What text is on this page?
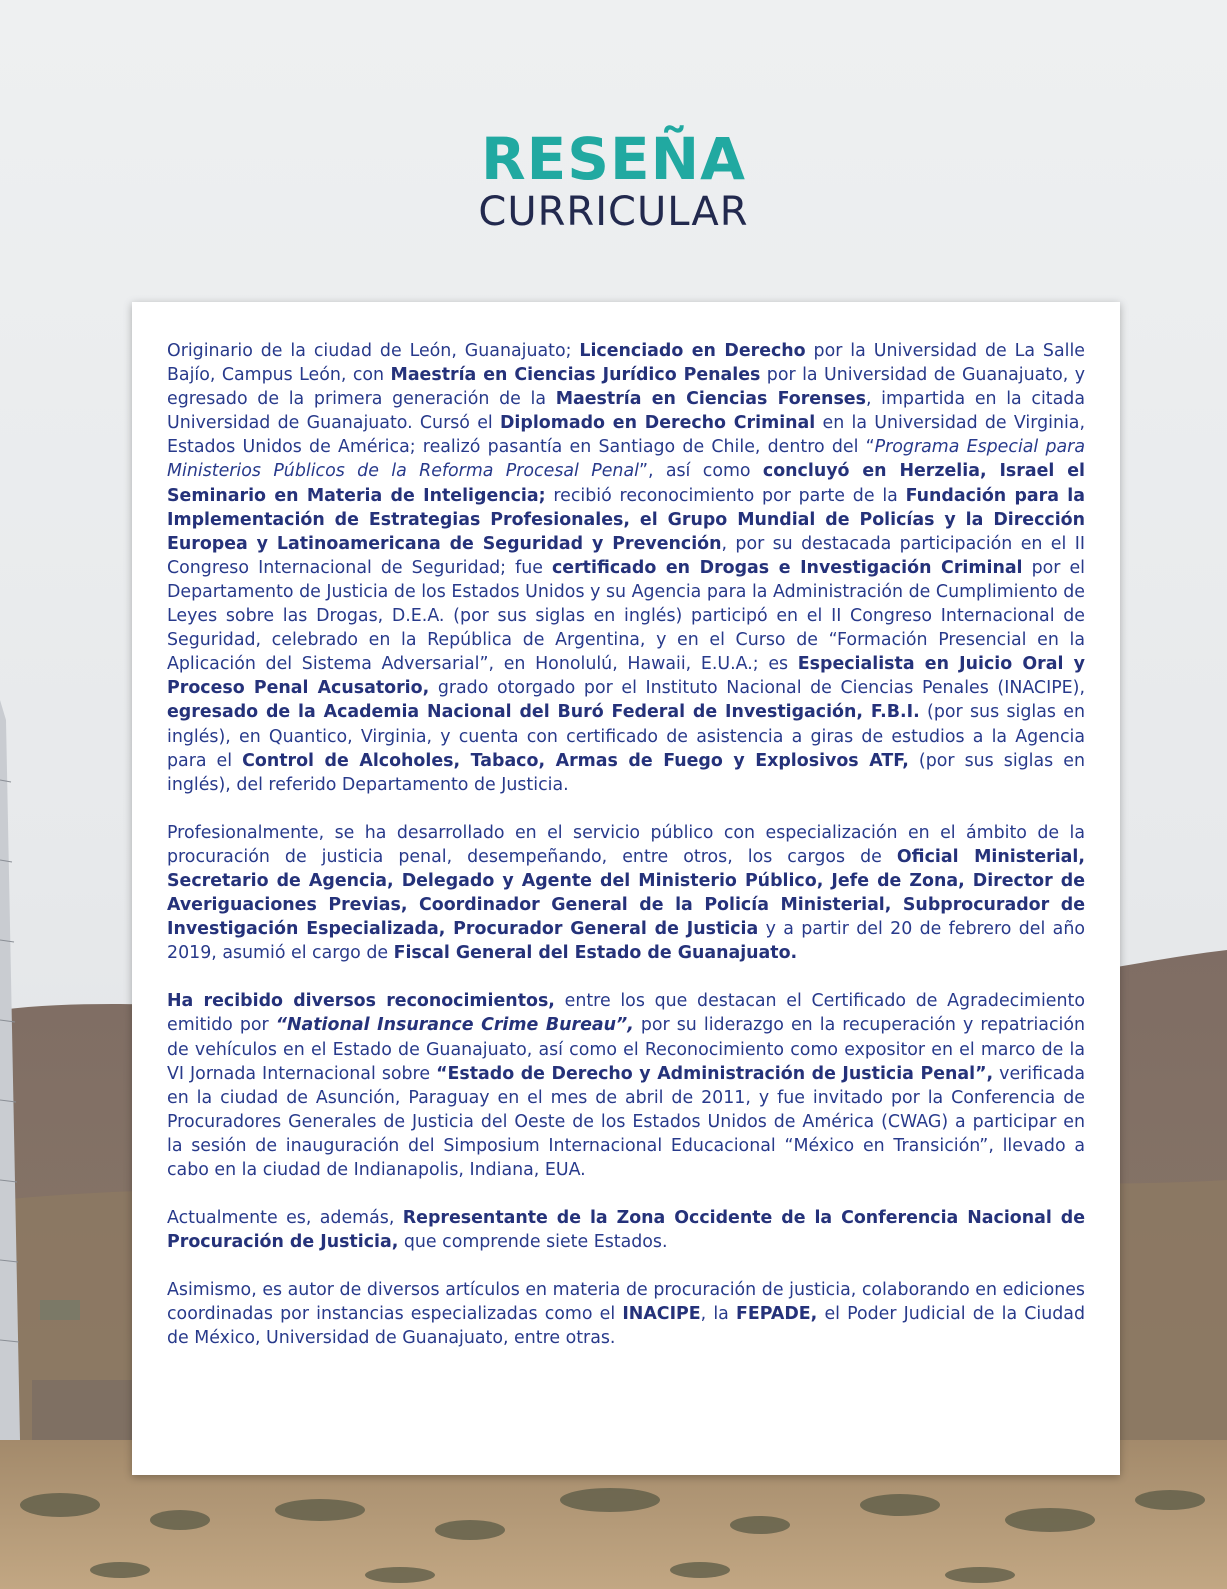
RESEÑA
CURRICULAR

Originario de la ciudad de León, Guanajuato; Licenciado en Derecho por la Universidad de La Salle Bajío, Campus León, con Maestría en Ciencias Jurídico Penales por la Universidad de Guanajuato, y egresado de la primera generación de la Maestría en Ciencias Forenses, impartida en la citada Universidad de Guanajuato. Cursó el Diplomado en Derecho Criminal en la Universidad de Virginia, Estados Unidos de América; realizó pasantía en Santiago de Chile, dentro del “Programa Especial para Ministerios Públicos de la Reforma Procesal Penal”, así como concluyó en Herzelia, Israel el Seminario en Materia de Inteligencia; recibió reconocimiento por parte de la Fundación para la Implementación de Estrategias Profesionales, el Grupo Mundial de Policías y la Dirección Europea y Latinoamericana de Seguridad y Prevención, por su destacada participación en el II Congreso Internacional de Seguridad; fue certificado en Drogas e Investigación Criminal por el Departamento de Justicia de los Estados Unidos y su Agencia para la Administración de Cumplimiento de Leyes sobre las Drogas, D.E.A. (por sus siglas en inglés) participó en el II Congreso Internacional de Seguridad, celebrado en la República de Argentina, y en el Curso de “Formación Presencial en la Aplicación del Sistema Adversarial”, en Honolulú, Hawaii, E.U.A.; es Especialista en Juicio Oral y Proceso Penal Acusatorio, grado otorgado por el Instituto Nacional de Ciencias Penales (INACIPE), egresado de la Academia Nacional del Buró Federal de Investigación, F.B.I. (por sus siglas en inglés), en Quantico, Virginia, y cuenta con certificado de asistencia a giras de estudios a la Agencia para el Control de Alcoholes, Tabaco, Armas de Fuego y Explosivos ATF, (por sus siglas en inglés), del referido Departamento de Justicia.

Profesionalmente, se ha desarrollado en el servicio público con especialización en el ámbito de la procuración de justicia penal, desempeñando, entre otros, los cargos de Oficial Ministerial, Secretario de Agencia, Delegado y Agente del Ministerio Público, Jefe de Zona, Director de Averiguaciones Previas, Coordinador General de la Policía Ministerial, Subprocurador de Investigación Especializada, Procurador General de Justicia y a partir del 20 de febrero del año 2019, asumió el cargo de Fiscal General del Estado de Guanajuato.

Ha recibido diversos reconocimientos, entre los que destacan el Certificado de Agradecimiento emitido por “National Insurance Crime Bureau”, por su liderazgo en la recuperación y repatriación de vehículos en el Estado de Guanajuato, así como el Reconocimiento como expositor en el marco de la VI Jornada Internacional sobre “Estado de Derecho y Administración de Justicia Penal”, verificada en la ciudad de Asunción, Paraguay en el mes de abril de 2011, y fue invitado por la Conferencia de Procuradores Generales de Justicia del Oeste de los Estados Unidos de América (CWAG) a participar en la sesión de inauguración del Simposium Internacional Educacional “México en Transición”, llevado a cabo en la ciudad de Indianapolis, Indiana, EUA.

Actualmente es, además, Representante de la Zona Occidente de la Conferencia Nacional de Procuración de Justicia, que comprende siete Estados.

Asimismo, es autor de diversos artículos en materia de procuración de justicia, colaborando en ediciones coordinadas por instancias especializadas como el INACIPE, la FEPADE, el Poder Judicial de la Ciudad de México, Universidad de Guanajuato, entre otras.
